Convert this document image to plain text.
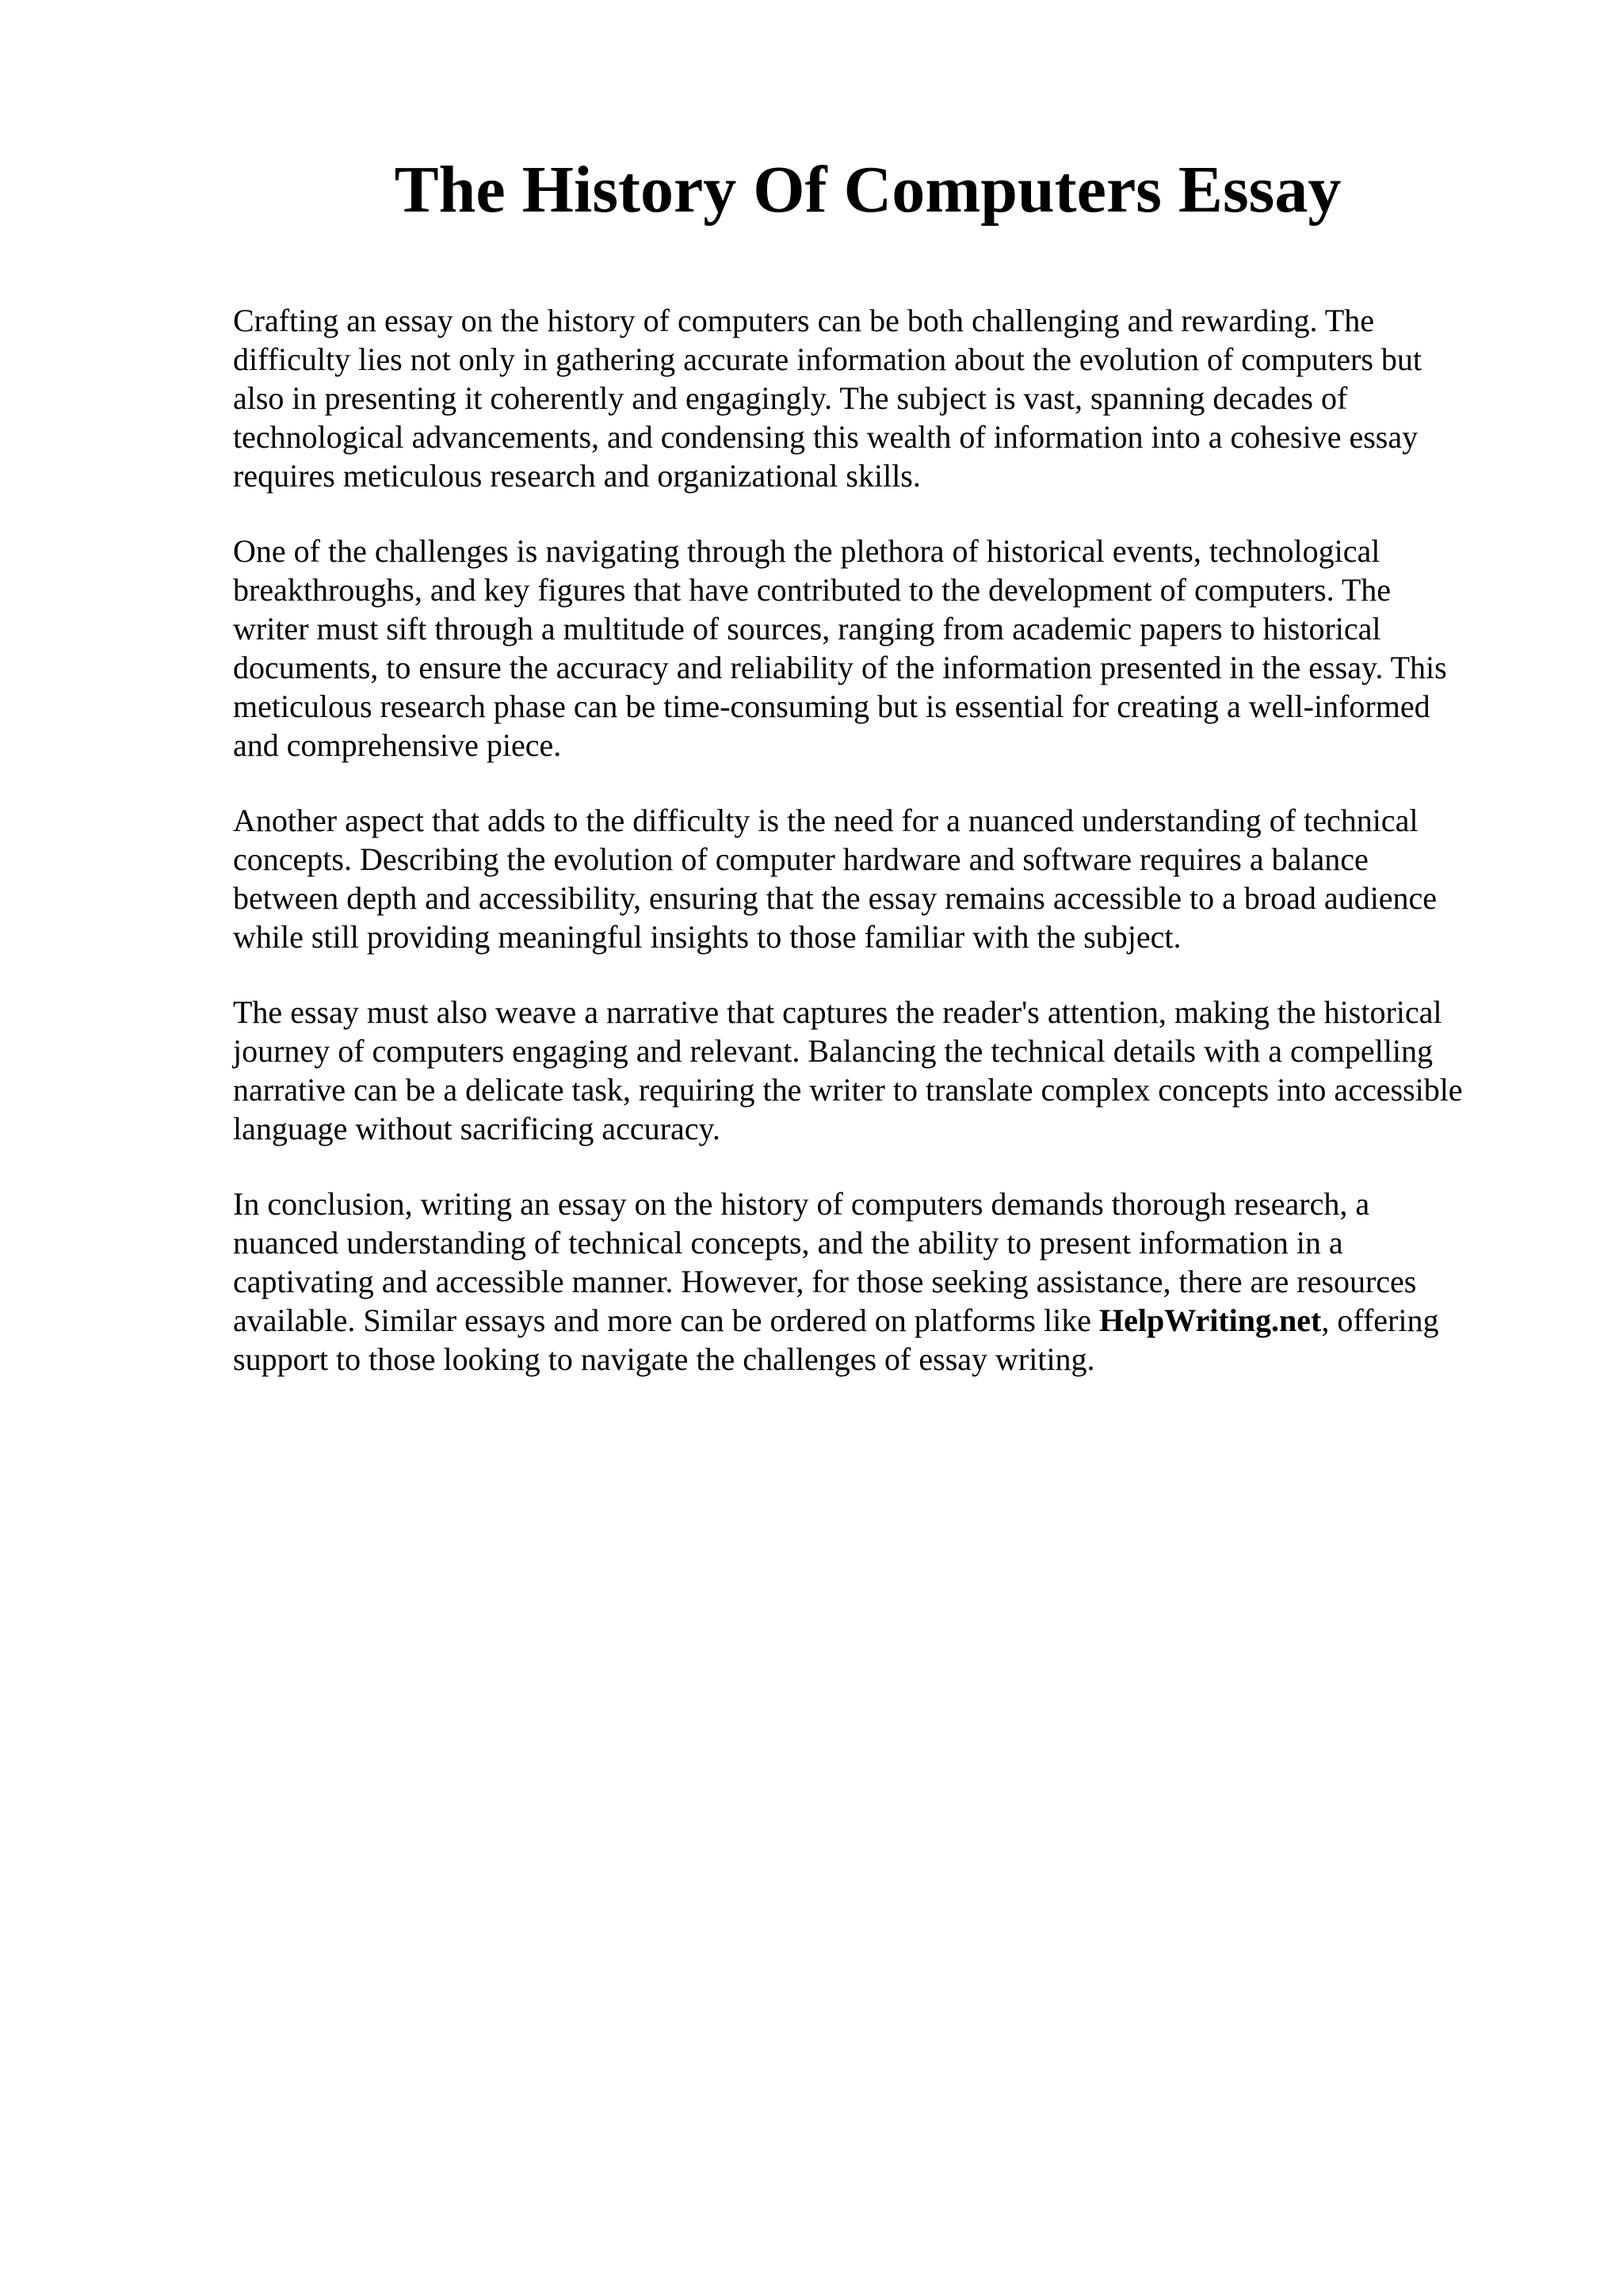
The History Of Computers Essay

Crafting an essay on the history of computers can be both challenging and rewarding. The
difficulty lies not only in gathering accurate information about the evolution of computers but
also in presenting it coherently and engagingly. The subject is vast, spanning decades of
technological advancements, and condensing this wealth of information into a cohesive essay
requires meticulous research and organizational skills.

One of the challenges is navigating through the plethora of historical events, technological
breakthroughs, and key figures that have contributed to the development of computers. The
writer must sift through a multitude of sources, ranging from academic papers to historical
documents, to ensure the accuracy and reliability of the information presented in the essay. This
meticulous research phase can be time-consuming but is essential for creating a well-informed
and comprehensive piece.

Another aspect that adds to the difficulty is the need for a nuanced understanding of technical
concepts. Describing the evolution of computer hardware and software requires a balance
between depth and accessibility, ensuring that the essay remains accessible to a broad audience
while still providing meaningful insights to those familiar with the subject.

The essay must also weave a narrative that captures the reader's attention, making the historical
journey of computers engaging and relevant. Balancing the technical details with a compelling
narrative can be a delicate task, requiring the writer to translate complex concepts into accessible
language without sacrificing accuracy.

In conclusion, writing an essay on the history of computers demands thorough research, a
nuanced understanding of technical concepts, and the ability to present information in a
captivating and accessible manner. However, for those seeking assistance, there are resources
available. Similar essays and more can be ordered on platforms like HelpWriting.net, offering
support to those looking to navigate the challenges of essay writing.
